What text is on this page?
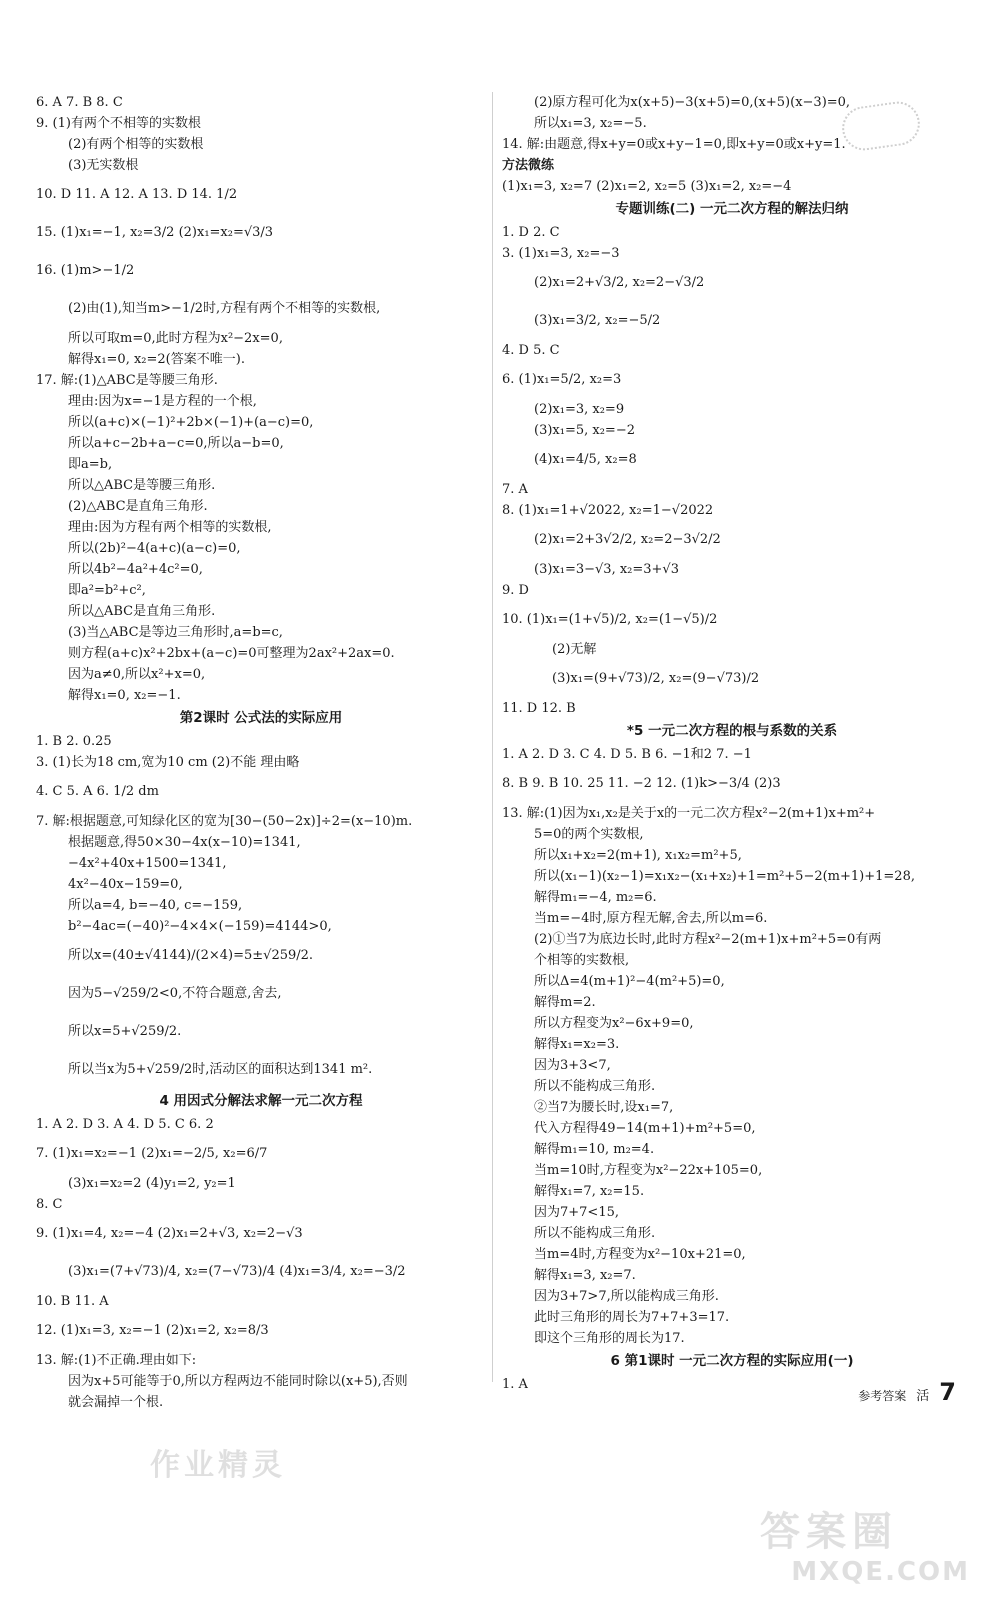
6. A 7. B 8. C
9. (1)有两个不相等的实数根
(2)有两个相等的实数根
(3)无实数根
10. D 11. A 12. A 13. D 14. 1/2
15. (1)x₁=−1, x₂=3/2 (2)x₁=x₂=√3/3
16. (1)m>−1/2
(2)由(1),知当m>−1/2时,方程有两个不相等的实数根,
所以可取m=0,此时方程为x²−2x=0,
解得x₁=0, x₂=2(答案不唯一).
17. 解:(1)△ABC是等腰三角形.
理由:因为x=−1是方程的一个根,
所以(a+c)×(−1)²+2b×(−1)+(a−c)=0,
所以a+c−2b+a−c=0,所以a−b=0,
即a=b,
所以△ABC是等腰三角形.
(2)△ABC是直角三角形.
理由:因为方程有两个相等的实数根,
所以(2b)²−4(a+c)(a−c)=0,
所以4b²−4a²+4c²=0,
即a²=b²+c²,
所以△ABC是直角三角形.
(3)当△ABC是等边三角形时,a=b=c,
则方程(a+c)x²+2bx+(a−c)=0可整理为2ax²+2ax=0.
因为a≠0,所以x²+x=0,
解得x₁=0, x₂=−1.
第2课时 公式法的实际应用
1. B 2. 0.25
3. (1)长为18 cm,宽为10 cm (2)不能 理由略
4. C 5. A 6. 1/2 dm
7. 解:根据题意,可知绿化区的宽为[30−(50−2x)]÷2=(x−10)m.
根据题意,得50×30−4x(x−10)=1341,
−4x²+40x+1500=1341,
4x²−40x−159=0,
所以a=4, b=−40, c=−159,
b²−4ac=(−40)²−4×4×(−159)=4144>0,
所以x=(40±√4144)/(2×4)=5±√259/2.
因为5−√259/2<0,不符合题意,舍去,
所以x=5+√259/2.
所以当x为5+√259/2时,活动区的面积达到1341 m².
4 用因式分解法求解一元二次方程
1. A 2. D 3. A 4. D 5. C 6. 2
7. (1)x₁=x₂=−1 (2)x₁=−2/5, x₂=6/7
(3)x₁=x₂=2 (4)y₁=2, y₂=1
8. C
9. (1)x₁=4, x₂=−4 (2)x₁=2+√3, x₂=2−√3
(3)x₁=(7+√73)/4, x₂=(7−√73)/4 (4)x₁=3/4, x₂=−3/2
10. B 11. A
12. (1)x₁=3, x₂=−1 (2)x₁=2, x₂=8/3
13. 解:(1)不正确.理由如下:
因为x+5可能等于0,所以方程两边不能同时除以(x+5),否则
就会漏掉一个根.
(2)原方程可化为x(x+5)−3(x+5)=0,(x+5)(x−3)=0,
所以x₁=3, x₂=−5.
14. 解:由题意,得x+y=0或x+y−1=0,即x+y=0或x+y=1.
方法微练
(1)x₁=3, x₂=7 (2)x₁=2, x₂=5 (3)x₁=2, x₂=−4
专题训练(二) 一元二次方程的解法归纳
1. D 2. C
3. (1)x₁=3, x₂=−3
(2)x₁=2+√3/2, x₂=2−√3/2
(3)x₁=3/2, x₂=−5/2
4. D 5. C
6. (1)x₁=5/2, x₂=3
(2)x₁=3, x₂=9
(3)x₁=5, x₂=−2
(4)x₁=4/5, x₂=8
7. A
8. (1)x₁=1+√2022, x₂=1−√2022
(2)x₁=2+3√2/2, x₂=2−3√2/2
(3)x₁=3−√3, x₂=3+√3
9. D
10. (1)x₁=(1+√5)/2, x₂=(1−√5)/2
(2)无解
(3)x₁=(9+√73)/2, x₂=(9−√73)/2
11. D 12. B
*5 一元二次方程的根与系数的关系
1. A 2. D 3. C 4. D 5. B 6. −1和2 7. −1
8. B 9. B 10. 25 11. −2 12. (1)k>−3/4 (2)3
13. 解:(1)因为x₁,x₂是关于x的一元二次方程x²−2(m+1)x+m²+
5=0的两个实数根,
所以x₁+x₂=2(m+1), x₁x₂=m²+5,
所以(x₁−1)(x₂−1)=x₁x₂−(x₁+x₂)+1=m²+5−2(m+1)+1=28,
解得m₁=−4, m₂=6.
当m=−4时,原方程无解,舍去,所以m=6.
(2)①当7为底边长时,此时方程x²−2(m+1)x+m²+5=0有两
个相等的实数根,
所以Δ=4(m+1)²−4(m²+5)=0,
解得m=2.
所以方程变为x²−6x+9=0,
解得x₁=x₂=3.
因为3+3<7,
所以不能构成三角形.
②当7为腰长时,设x₁=7,
代入方程得49−14(m+1)+m²+5=0,
解得m₁=10, m₂=4.
当m=10时,方程变为x²−22x+105=0,
解得x₁=7, x₂=15.
因为7+7<15,
所以不能构成三角形.
当m=4时,方程变为x²−10x+21=0,
解得x₁=3, x₂=7.
因为3+7>7,所以能构成三角形.
此时三角形的周长为7+7+3=17.
即这个三角形的周长为17.
6 第1课时 一元二次方程的实际应用(一)
1. A
参考答案 活 7
作业精灵
答案圈
MXQE.COM
